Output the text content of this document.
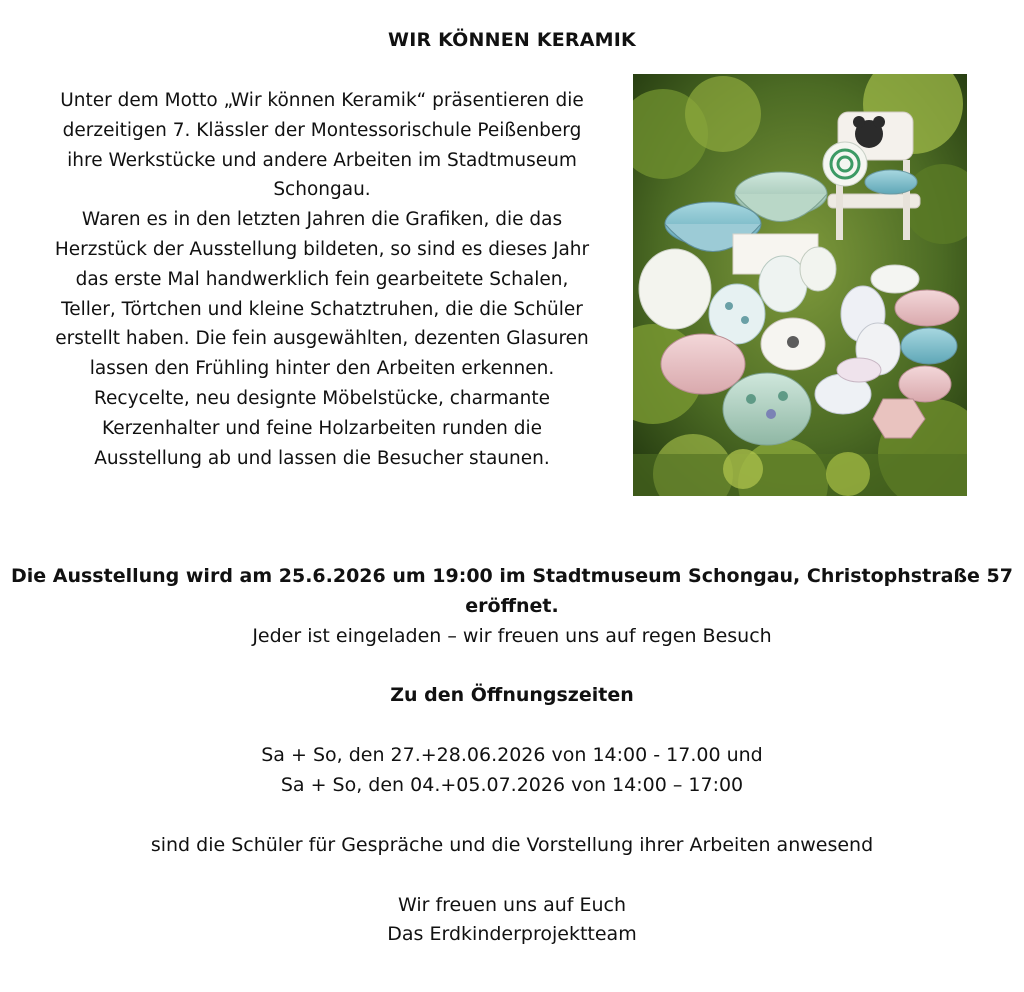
WIR KÖNNEN KERAMIK

Unter dem Motto „Wir können Keramik“ präsentieren die

derzeitigen 7. Klässler der Montessorischule Peißenberg

ihre Werkstücke und andere Arbeiten im Stadtmuseum

Schongau.

Waren es in den letzten Jahren die Grafiken, die das

Herzstück der Ausstellung bildeten, so sind es dieses Jahr

das erste Mal handwerklich fein gearbeitete Schalen,

Teller, Törtchen und kleine Schatztruhen, die die Schüler

erstellt haben. Die fein ausgewählten, dezenten Glasuren

lassen den Frühling hinter den Arbeiten erkennen.

Recycelte, neu designte Möbelstücke, charmante

Kerzenhalter und feine Holzarbeiten runden die

Ausstellung ab und lassen die Besucher staunen.

Die Ausstellung wird am 25.6.2026 um 19:00 im Stadtmuseum Schongau, Christophstraße 57
eröffnet.
Jeder ist eingeladen – wir freuen uns auf regen Besuch
Zu den Öffnungszeiten
Sa + So, den 27.+28.06.2026 von 14:00 - 17.00 und
Sa + So, den 04.+05.07.2026 von 14:00 – 17:00
sind die Schüler für Gespräche und die Vorstellung ihrer Arbeiten anwesend
Wir freuen uns auf Euch
Das Erdkinderprojektteam
